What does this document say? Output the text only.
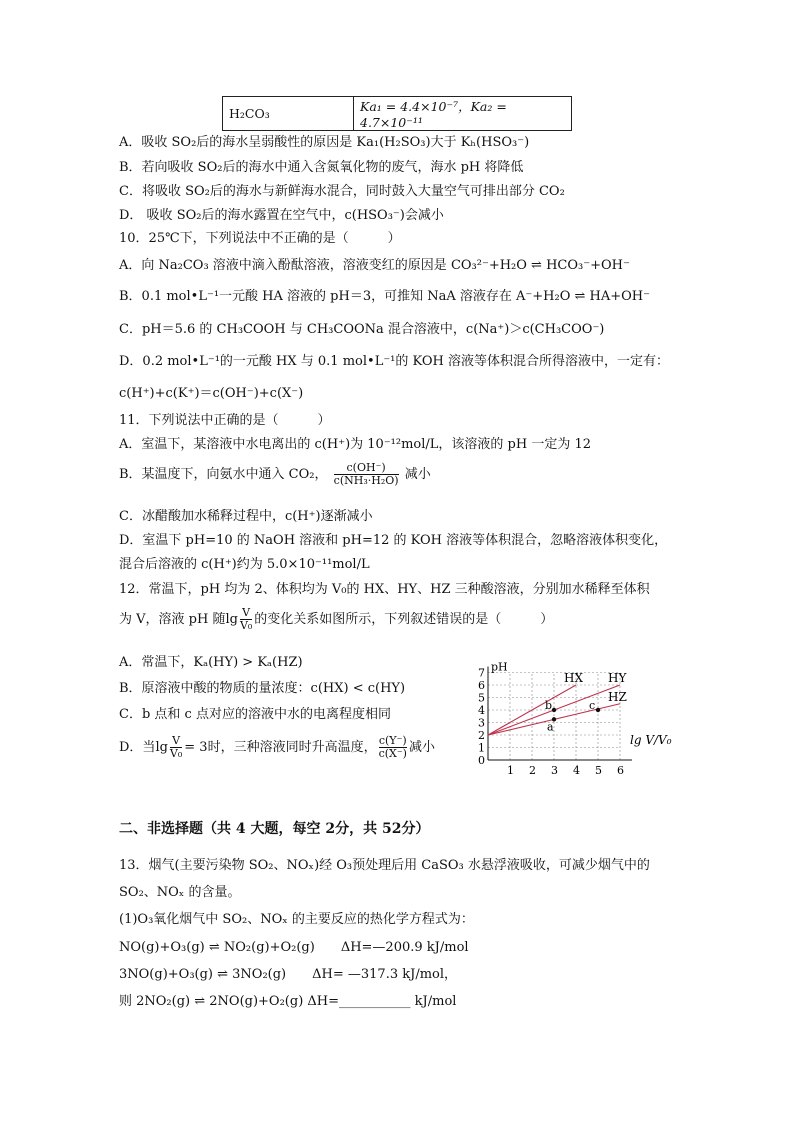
H₂CO₃	Ka₁ = 4.4×10⁻⁷，Ka₂ = 4.7×10⁻¹¹
A．吸收 SO₂后的海水呈弱酸性的原因是 Ka₁(H₂SO₃)大于 Kₕ(HSO₃⁻)
B．若向吸收 SO₂后的海水中通入含氮氧化物的废气，海水 pH 将降低
C．将吸收 SO₂后的海水与新鲜海水混合，同时鼓入大量空气可排出部分 CO₂
D． 吸收 SO₂后的海水露置在空气中，c(HSO₃⁻)会减小
10．25℃下，下列说法中不正确的是（　　　）
A．向 Na₂CO₃ 溶液中滴入酚酞溶液，溶液变红的原因是 CO₃²⁻+H₂O ⇌ HCO₃⁻+OH⁻
B．0.1 mol•L⁻¹一元酸 HA 溶液的 pH＝3，可推知 NaA 溶液存在 A⁻+H₂O ⇌ HA+OH⁻
C．pH＝5.6 的 CH₃COOH 与 CH₃COONa 混合溶液中，c(Na⁺)＞c(CH₃COO⁻)
D．0.2 mol•L⁻¹的一元酸 HX 与 0.1 mol•L⁻¹的 KOH 溶液等体积混合所得溶液中，一定有：
c(H⁺)+c(K⁺)＝c(OH⁻)+c(X⁻)
11．下列说法中正确的是（　　　）
A．室温下，某溶液中水电离出的 c(H⁺)为 10⁻¹²mol/L，该溶液的 pH 一定为 12
B．某温度下，向氨水中通入 CO₂， $\frac{c(OH^-)}{\text{c(NH₃·H₂O)}}$ 减小
C．冰醋酸加水稀释过程中，c(H⁺)逐渐减小
D．室温下 pH=10 的 NaOH 溶液和 pH=12 的 KOH 溶液等体积混合，忽略溶液体积变化，
混合后溶液的 c(H⁺)约为 5.0×10⁻¹¹mol/L
12．常温下，pH 均为 2、体积均为 V₀的 HX、HY、HZ 三种酸溶液，分别加水稀释至体积
为 V，溶液 pH 随$\lg \frac{V}{\text{V₀}}$ 的变化关系如图所示，下列叙述错误的是（　　　）
A．常温下，Kₐ(HY) > Kₐ(HZ)
B．原溶液中酸的物质的量浓度：c(HX) < c(HY)
C．b 点和 c 点对应的溶液中水的电离程度相同
D．当$\lg \frac{V}{\text{V₀}} = 3$时，三种溶液同时升高温度， $\frac{c(Y^-)}{c(X^-)}$ 减小
pH
lg V/V₀
0
1 2 3 4 5 6
1
2
3
4
5
6
7	HX HY
HZ
a
b	c
二、非选择题（共 4 大题，每空 2分，共 52分）
13．烟气(主要污染物 SO₂、NOₓ)经 O₃预处理后用 CaSO₃ 水悬浮液吸收，可减少烟气中的
SO₂、NOₓ 的含量。
(1)O₃氧化烟气中 SO₂、NOₓ 的主要反应的热化学方程式为：
NO(g)+O₃(g) ⇌ NO₂(g)+O₂(g)　　ΔH=—200.9 kJ/mol
3NO(g)+O₃(g) ⇌ 3NO₂(g)　　ΔH= —317.3 kJ/mol，
则 2NO₂(g) ⇌ 2NO(g)+O₂(g) ΔH=___________ kJ/mol
